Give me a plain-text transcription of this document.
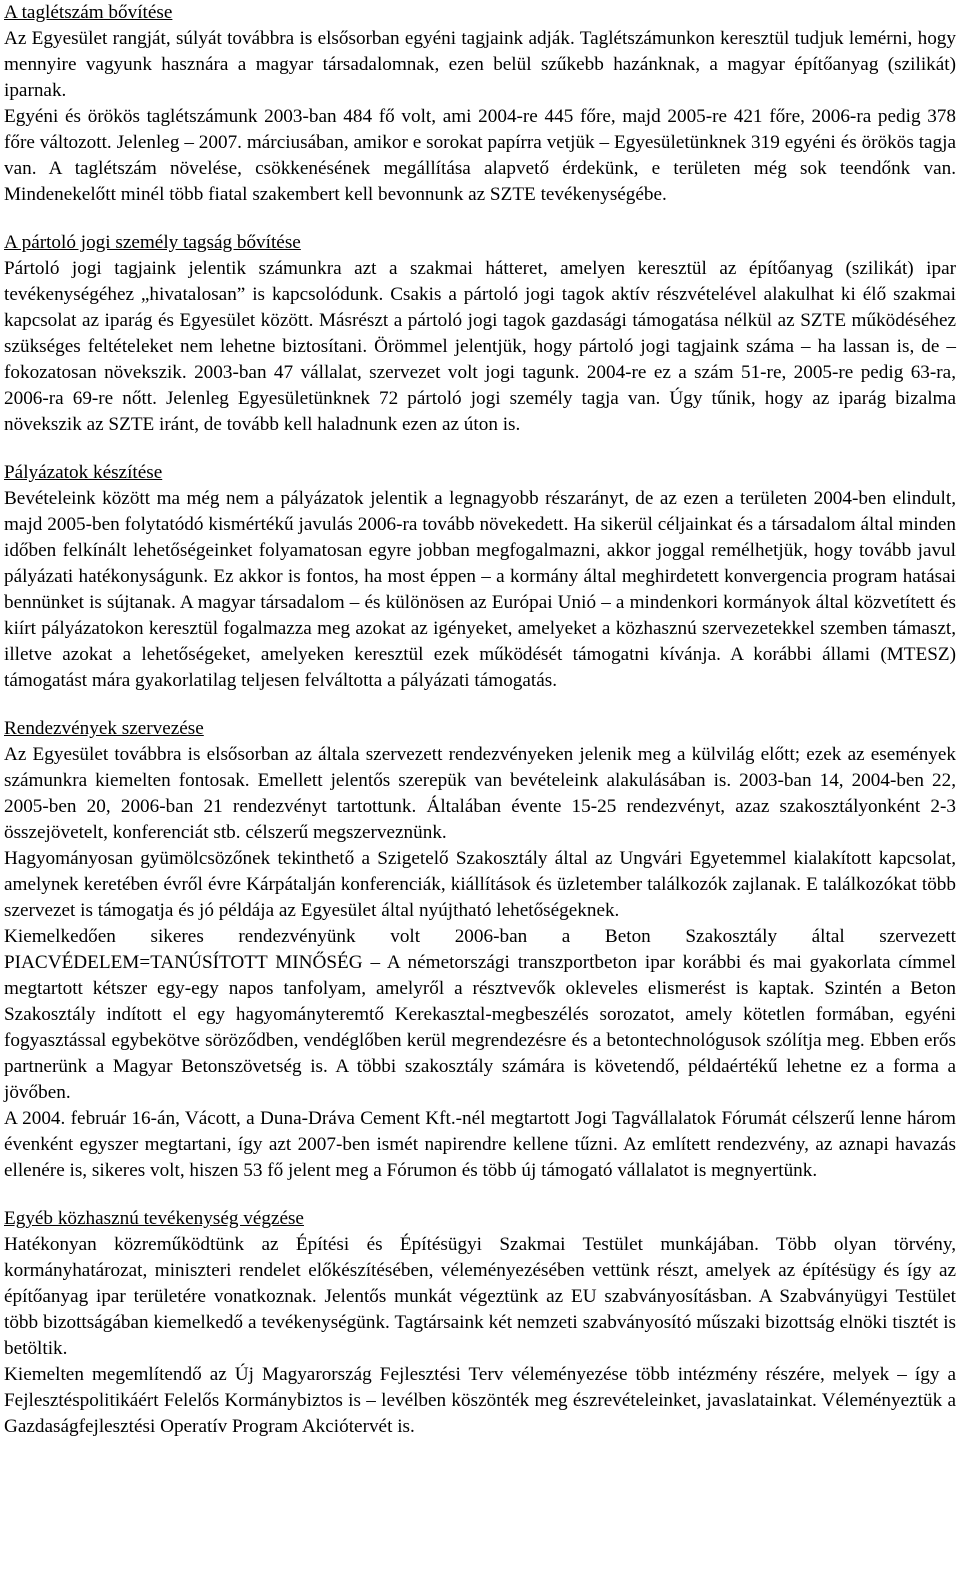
A taglétszám bővítése

Az Egyesület rangját, súlyát továbbra is elsősorban egyéni tagjaink adják. Taglétszámunkon keresztül tudjuk lemérni, hogy mennyire vagyunk hasznára a magyar társadalomnak, ezen belül szűkebb hazánknak, a magyar építőanyag (szilikát) iparnak.

Egyéni és örökös taglétszámunk 2003-ban 484 fő volt, ami 2004-re 445 főre, majd 2005-re 421 főre, 2006-ra pedig 378 főre változott. Jelenleg – 2007. márciusában, amikor e sorokat papírra vetjük – Egyesületünknek 319 egyéni és örökös tagja van. A taglétszám növelése, csökkenésének megállítása alapvető érdekünk, e területen még sok teendőnk van. Mindenekelőtt minél több fiatal szakembert kell bevonnunk az SZTE tevékenységébe.

A pártoló jogi személy tagság bővítése

Pártoló jogi tagjaink jelentik számunkra azt a szakmai hátteret, amelyen keresztül az építőanyag (szilikát) ipar tevékenységéhez „hivatalosan” is kapcsolódunk. Csakis a pártoló jogi tagok aktív részvételével alakulhat ki élő szakmai kapcsolat az iparág és Egyesület között. Másrészt a pártoló jogi tagok gazdasági támogatása nélkül az SZTE működéséhez szükséges feltételeket nem lehetne biztosítani. Örömmel jelentjük, hogy pártoló jogi tagjaink száma – ha lassan is, de – fokozatosan növekszik. 2003-ban 47 vállalat, szervezet volt jogi tagunk. 2004-re ez a szám 51-re, 2005-re pedig 63-ra, 2006-ra 69-re nőtt. Jelenleg Egyesületünknek 72 pártoló jogi személy tagja van. Úgy tűnik, hogy az iparág bizalma növekszik az SZTE iránt, de tovább kell haladnunk ezen az úton is.

Pályázatok készítése

Bevételeink között ma még nem a pályázatok jelentik a legnagyobb részarányt, de az ezen a területen 2004-ben elindult, majd 2005-ben folytatódó kismértékű javulás 2006-ra tovább növekedett. Ha sikerül céljainkat és a társadalom által minden időben felkínált lehetőségeinket folyamatosan egyre jobban megfogalmazni, akkor joggal remélhetjük, hogy tovább javul pályázati hatékonyságunk. Ez akkor is fontos, ha most éppen – a kormány által meghirdetett konvergencia program hatásai bennünket is sújtanak. A magyar társadalom – és különösen az Európai Unió – a mindenkori kormányok által közvetített és kiírt pályázatokon keresztül fogalmazza meg azokat az igényeket, amelyeket a közhasznú szervezetekkel szemben támaszt, illetve azokat a lehetőségeket, amelyeken keresztül ezek működését támogatni kívánja. A korábbi állami (MTESZ) támogatást mára gyakorlatilag teljesen felváltotta a pályázati támogatás.

Rendezvények szervezése

Az Egyesület továbbra is elsősorban az általa szervezett rendezvényeken jelenik meg a külvilág előtt; ezek az események számunkra kiemelten fontosak. Emellett jelentős szerepük van bevételeink alakulásában is. 2003-ban 14, 2004-ben 22, 2005-ben 20, 2006-ban 21 rendezvényt tartottunk. Általában évente 15-25 rendezvényt, azaz szakosztályonként 2-3 összejövetelt, konferenciát stb. célszerű megszerveznünk.

Hagyományosan gyümölcsözőnek tekinthető a Szigetelő Szakosztály által az Ungvári Egyetemmel kialakított kapcsolat, amelynek keretében évről évre Kárpátalján konferenciák, kiállítások és üzletember találkozók zajlanak. E találkozókat több szervezet is támogatja és jó példája az Egyesület által nyújtható lehetőségeknek.

Kiemelkedően sikeres rendezvényünk volt 2006-ban a Beton Szakosztály által szervezett PIACVÉDELEM=TANÚSÍTOTT MINŐSÉG – A németországi transzportbeton ipar korábbi és mai gyakorlata címmel megtartott kétszer egy-egy napos tanfolyam, amelyről a résztvevők okleveles elismerést is kaptak. Szintén a Beton Szakosztály indított el egy hagyományteremtő Kerekasztal-megbeszélés sorozatot, amely kötetlen formában, egyéni fogyasztással egybekötve söröződben, vendéglőben kerül megrendezésre és a betontechnológusok szólítja meg. Ebben erős partnerünk a Magyar Betonszövetség is. A többi szakosztály számára is követendő, példaértékű lehetne ez a forma a jövőben.

A 2004. február 16-án, Vácott, a Duna-Dráva Cement Kft.-nél megtartott Jogi Tagvállalatok Fórumát célszerű lenne három évenként egyszer megtartani, így azt 2007-ben ismét napirendre kellene tűzni. Az említett rendezvény, az aznapi havazás ellenére is, sikeres volt, hiszen 53 fő jelent meg a Fórumon és több új támogató vállalatot is megnyertünk.

Egyéb közhasznú tevékenység végzése

Hatékonyan közreműködtünk az Építési és Építésügyi Szakmai Testület munkájában. Több olyan törvény, kormányhatározat, miniszteri rendelet előkészítésében, véleményezésében vettünk részt, amelyek az építésügy és így az építőanyag ipar területére vonatkoznak. Jelentős munkát végeztünk az EU szabványosításban. A Szabványügyi Testület több bizottságában kiemelkedő a tevékenységünk. Tagtársaink két nemzeti szabványosító műszaki bizottság elnöki tisztét is betöltik.

Kiemelten megemlítendő az Új Magyarország Fejlesztési Terv véleményezése több intézmény részére, melyek – így a Fejlesztéspolitikáért Felelős Kormánybiztos is – levélben köszönték meg észrevételeinket, javaslatainkat. Véleményeztük a Gazdaságfejlesztési Operatív Program Akciótervét is.
